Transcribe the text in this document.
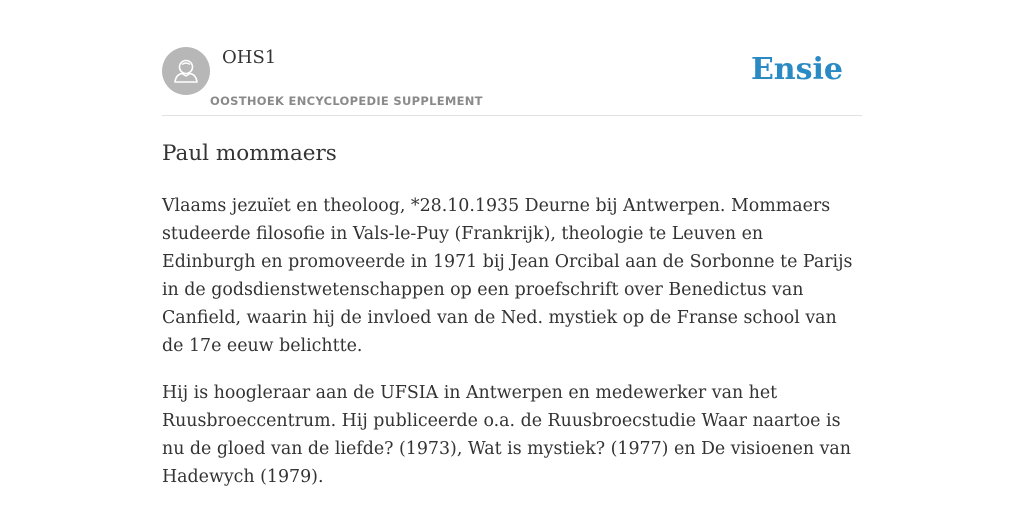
OHS1
OOSTHOEK ENCYCLOPEDIE SUPPLEMENT
Ensie
Paul mommaers

Vlaams jezuïet en theoloog, *28.10.1935 Deurne bij Antwerpen. Mommaers studeerde filosofie in Vals-le-Puy (Frankrijk), theologie te Leuven en Edinburgh en promoveerde in 1971 bij Jean Orcibal aan de Sorbonne te Parijs in de godsdienstwetenschappen op een proefschrift over Benedictus van Canfield, waarin hij de invloed van de Ned. mystiek op de Franse school van de 17e eeuw belichtte.

Hij is hoogleraar aan de UFSIA in Antwerpen en medewerker van het Ruusbroeccentrum. Hij publiceerde o.a. de Ruusbroecstudie Waar naartoe is nu de gloed van de liefde? (1973), Wat is mystiek? (1977) en De visioenen van Hadewych (1979).
